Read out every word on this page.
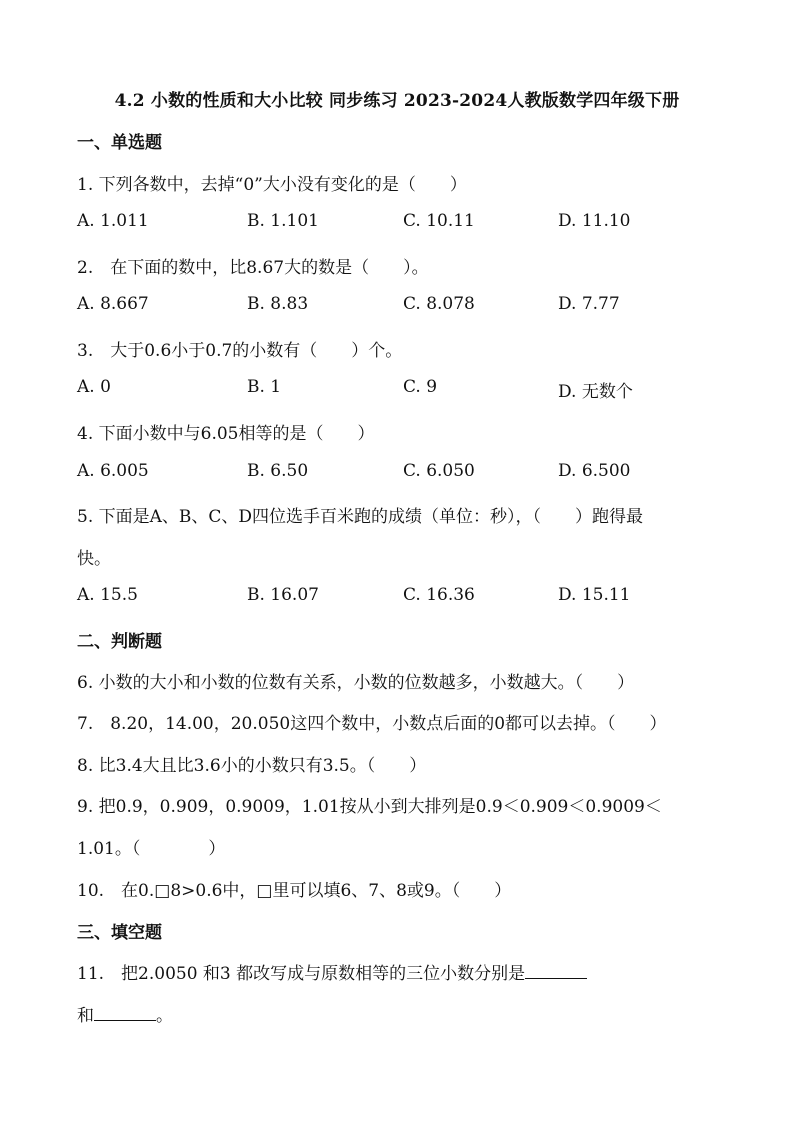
4.2 小数的性质和大小比较 同步练习 2023-2024人教版数学四年级下册
一、单选题
1. 下列各数中，去掉“0”大小没有变化的是（　　）
A. 1.011	B. 1.101	C. 10.11	D. 11.10
2.　在下面的数中，比8.67大的数是（　　）。
A. 8.667	B. 8.83	C. 8.078	D. 7.77
3.　大于0.6小于0.7的小数有（　　）个。
A. 0	B. 1	C. 9	D. 无数个
4. 下面小数中与6.05相等的是（　　）
A. 6.005	B. 6.50	C. 6.050	D. 6.500
5. 下面是A、B、C、D四位选手百米跑的成绩（单位：秒），（　　）跑得最
快。
A. 15.5	B. 16.07	C. 16.36	D. 15.11
二、判断题
6. 小数的大小和小数的位数有关系，小数的位数越多，小数越大。（　　）
7.　8.20，14.00，20.050这四个数中，小数点后面的0都可以去掉。（　　）
8. 比3.4大且比3.6小的小数只有3.5。（　　）
9. 把0.9，0.909，0.9009，1.01按从小到大排列是0.9＜0.909＜0.9009＜
1.01。（　　　　）
10.　在0.□8>0.6中，□里可以填6、7、8或9。（　　）
三、填空题
11.　把2.0050 和3 都改写成与原数相等的三位小数分别是
和	。
